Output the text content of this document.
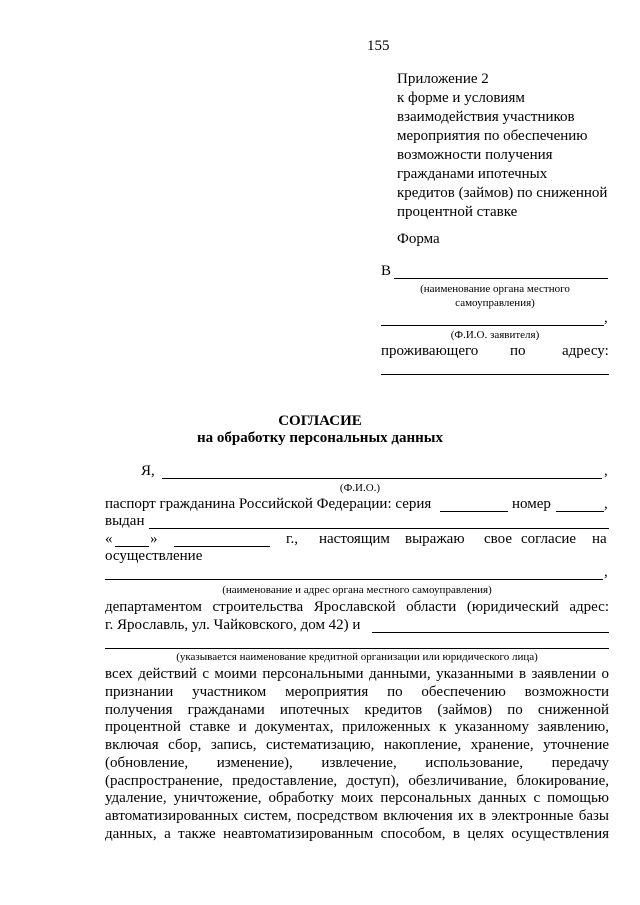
155
Приложение 2
к форме и условиям
взаимодействия участников
мероприятия по обеспечению
возможности получения
гражданами ипотечных
кредитов (займов) по сниженной
процентной ставке
Форма
В
(наименование органа местного
самоуправления)
,
(Ф.И.О. заявителя)
проживающего по адресу:
СОГЛАСИЕ
на обработку персональных данных
Я,	,
(Ф.И.О.)
паспорт гражданина Российской Федерации: серия	номер	,
выдан
«	»	г., настоящим выражаю свое согласие на
осуществление
,
(наименование и адрес органа местного самоуправления)
департаментом строительства Ярославской области (юридический адрес:
г. Ярославль, ул. Чайковского, дом 42) и
(указывается наименование кредитной организации или юридического лица)
всех действий с моими персональными данными, указанными в заявлении о
признании участником мероприятия по обеспечению возможности
получения гражданами ипотечных кредитов (займов) по сниженной
процентной ставке и документах, приложенных к указанному заявлению,
включая сбор, запись, систематизацию, накопление, хранение, уточнение
(обновление, изменение), извлечение, использование, передачу
(распространение, предоставление, доступ), обезличивание, блокирование,
удаление, уничтожение, обработку моих персональных данных с помощью
автоматизированных систем, посредством включения их в электронные базы
данных, а также неавтоматизированным способом, в целях осуществления
